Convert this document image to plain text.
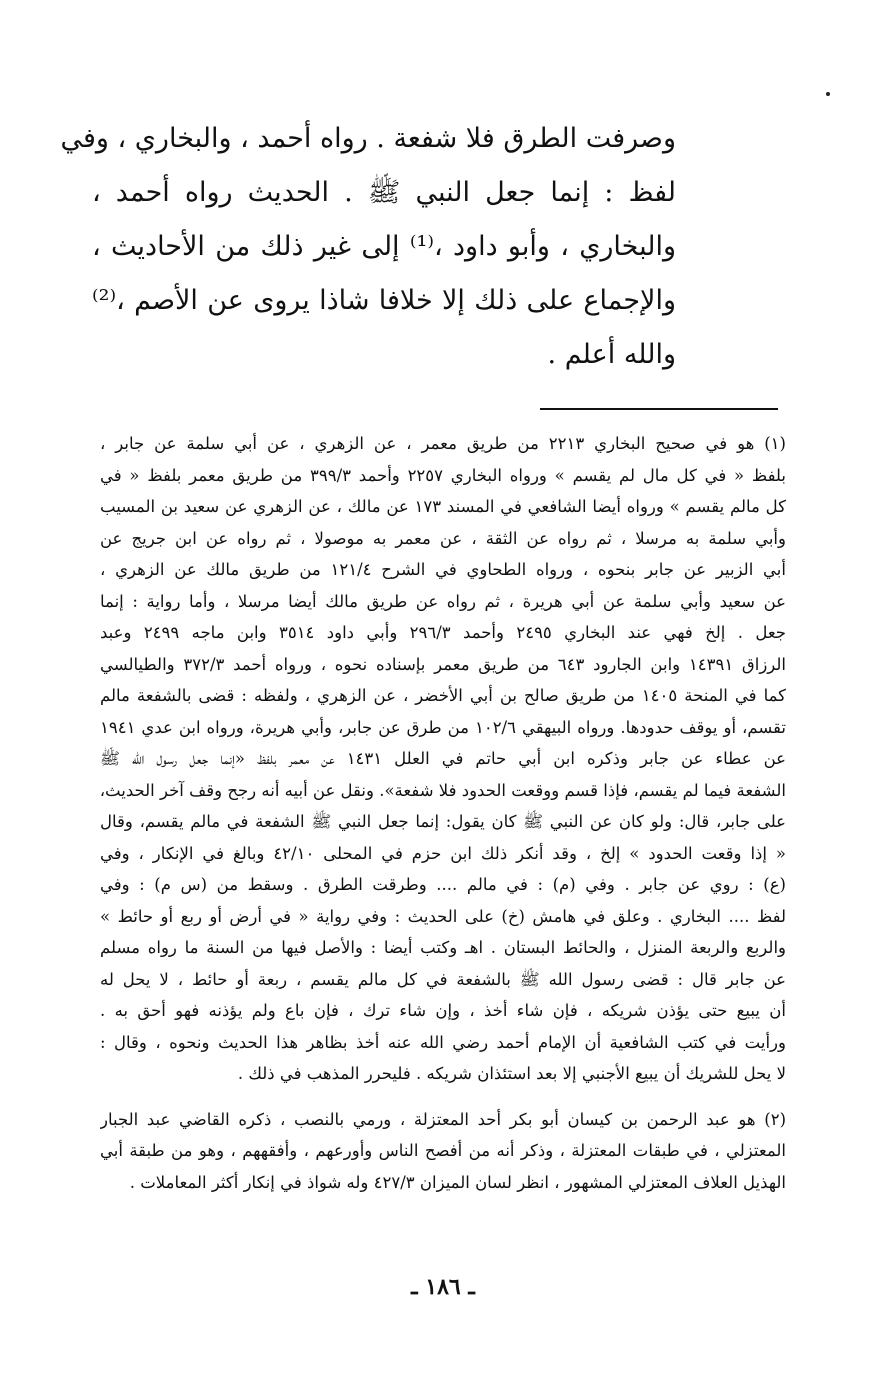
وصرفت الطرق فلا شفعة . رواه أحمد ، والبخاري ، وفي
لفظ : إنما جعل النبي ﷺ . الحديث رواه أحمد ،
والبخاري ، وأبو داود ،⁽¹⁾ إلى غير ذلك من الأحاديث ،
والإجماع على ذلك إلا خلافا شاذا يروى عن الأصم ،⁽²⁾
والله أعلم .
(١) هو في صحيح البخاري ٢٢١٣ من طريق معمر ، عن الزهري ، عن أبي سلمة عن جابر ،
بلفظ « في كل مال لم يقسم » ورواه البخاري ٢٢٥٧ وأحمد ٣٩٩/٣ من طريق معمر بلفظ « في
كل مالم يقسم » ورواه أيضا الشافعي في المسند ١٧٣ عن مالك ، عن الزهري عن سعيد بن المسيب
وأبي سلمة به مرسلا ، ثم رواه عن الثقة ، عن معمر به موصولا ، ثم رواه عن ابن جريج عن
أبي الزبير عن جابر بنحوه ، ورواه الطحاوي في الشرح ١٢١/٤ من طريق مالك عن الزهري ،
عن سعيد وأبي سلمة عن أبي هريرة ، ثم رواه عن طريق مالك أيضا مرسلا ، وأما رواية : إنما
جعل . إلخ فهي عند البخاري ٢٤٩٥ وأحمد ٢٩٦/٣ وأبي داود ٣٥١٤ وابن ماجه ٢٤٩٩ وعبد
الرزاق ١٤٣٩١ وابن الجارود ٦٤٣ من طريق معمر بإسناده نحوه ، ورواه أحمد ٣٧٢/٣ والطيالسي
كما في المنحة ١٤٠٥ من طريق صالح بن أبي الأخضر ، عن الزهري ، ولفظه : قضى بالشفعة مالم
تقسم، أو يوقف حدودها. ورواه البيهقي ١٠٢/٦ من طرق عن جابر، وأبي هريرة، ورواه ابن عدي ١٩٤١
عن عطاء عن جابر وذكره ابن أبي حاتم في العلل ١٤٣١ عن معمر بلفظ «إنما جعل رسول الله ﷺ
الشفعة فيما لم يقسم، فإذا قسم ووقعت الحدود فلا شفعة». ونقل عن أبيه أنه رجح وقف آخر الحديث،
على جابر، قال: ولو كان عن النبي ﷺ كان يقول: إنما جعل النبي ﷺ الشفعة في مالم يقسم، وقال
« إذا وقعت الحدود » إلخ ، وقد أنكر ذلك ابن حزم في المحلى ٤٢/١٠ وبالغ في الإنكار ، وفي
(ع) : روي عن جابر . وفي (م) : في مالم .... وطرقت الطرق . وسقط من (س م) : وفي
لفظ .... البخاري . وعلق في هامش (خ) على الحديث : وفي رواية « في أرض أو ربع أو حائط »
والربع والربعة المنزل ، والحائط البستان . اهـ وكتب أيضا : والأصل فيها من السنة ما رواه مسلم
عن جابر قال : قضى رسول الله ﷺ بالشفعة في كل مالم يقسم ، ربعة أو حائط ، لا يحل له
أن يبيع حتى يؤذن شريكه ، فإن شاء أخذ ، وإن شاء ترك ، فإن باع ولم يؤذنه فهو أحق به .
ورأيت في كتب الشافعية أن الإمام أحمد رضي الله عنه أخذ بظاهر هذا الحديث ونحوه ، وقال :
لا يحل للشريك أن يبيع الأجنبي إلا بعد استئذان شريكه . فليحرر المذهب في ذلك .
(٢) هو عبد الرحمن بن كيسان أبو بكر أحد المعتزلة ، ورمي بالنصب ، ذكره القاضي عبد الجبار
المعتزلي ، في طبقات المعتزلة ، وذكر أنه من أفصح الناس وأورعهم ، وأفقههم ، وهو من طبقة أبي
الهذيل العلاف المعتزلي المشهور ، انظر لسان الميزان ٤٢٧/٣ وله شواذ في إنكار أكثر المعاملات .
ـ ١٨٦ ـ
